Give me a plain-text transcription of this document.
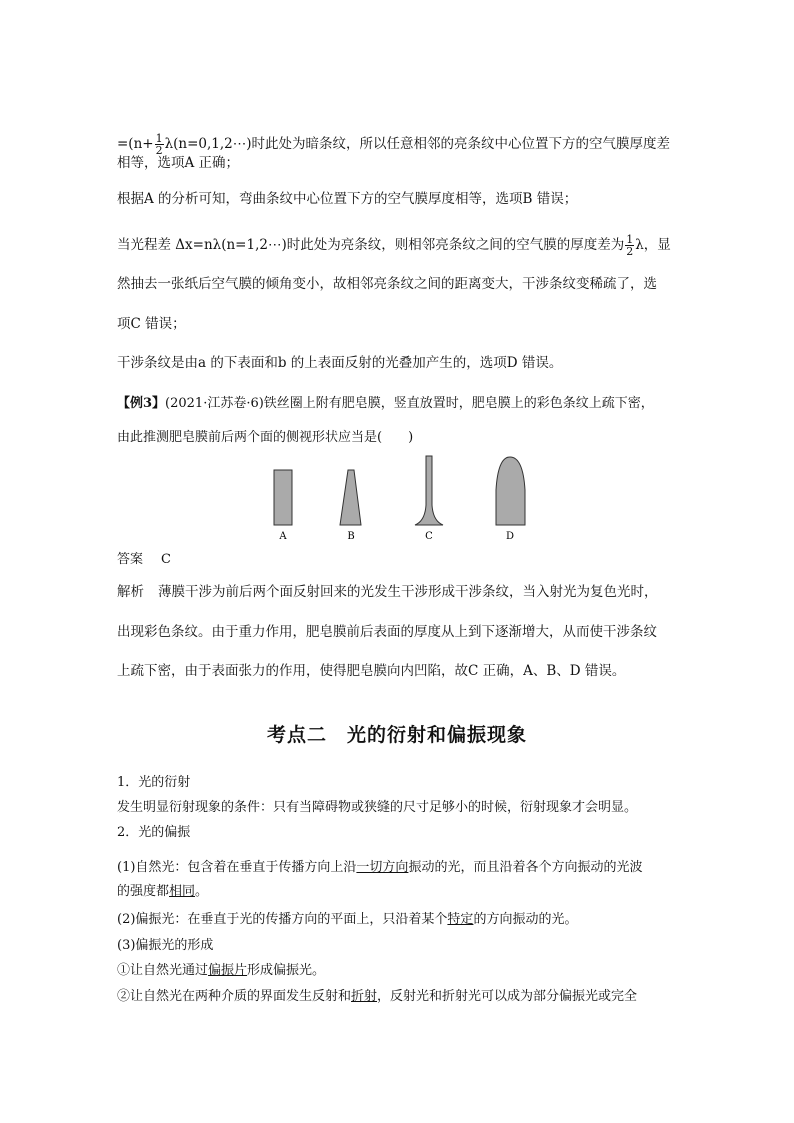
$=(n+ \frac{1}{2}$ λ(n=0,1,2⋯)时此处为暗条纹，所以任意相邻的亮条纹中心位置下方的空气膜厚度差
相等，选项A 正确；
根据A 的分析可知，弯曲条纹中心位置下方的空气膜厚度相等，选项B 错误；
当光程差 Δx=nλ(n=1,2⋯)时此处为亮条纹，则相邻亮条纹之间的空气膜的厚度差为 $\frac{1}{2}$ λ，显
然抽去一张纸后空气膜的倾角变小，故相邻亮条纹之间的距离变大，干涉条纹变稀疏了，选
项C 错误；
干涉条纹是由a 的下表面和b 的上表面反射的光叠加产生的，选项D 错误。
【例3】(2021·江苏卷·6)铁丝圈上附有肥皂膜，竖直放置时，肥皂膜上的彩色条纹上疏下密，
由此推测肥皂膜前后两个面的侧视形状应当是(　　)
A	B	C	D
答案 C
解析 薄膜干涉为前后两个面反射回来的光发生干涉形成干涉条纹，当入射光为复色光时，
出现彩色条纹。由于重力作用，肥皂膜前后表面的厚度从上到下逐渐增大，从而使干涉条纹
上疏下密，由于表面张力的作用，使得肥皂膜向内凹陷，故C 正确，A、B、D 错误。
考点二　光的衍射和偏振现象
1．光的衍射
发生明显衍射现象的条件：只有当障碍物或狭缝的尺寸足够小的时候，衍射现象才会明显。
2．光的偏振
(1)自然光：包含着在垂直于传播方向上沿一切方向振动的光，而且沿着各个方向振动的光波
的强度都相同。
(2)偏振光：在垂直于光的传播方向的平面上，只沿着某个特定的方向振动的光。
(3)偏振光的形成
①让自然光通过偏振片形成偏振光。
②让自然光在两种介质的界面发生反射和折射，反射光和折射光可以成为部分偏振光或完全
